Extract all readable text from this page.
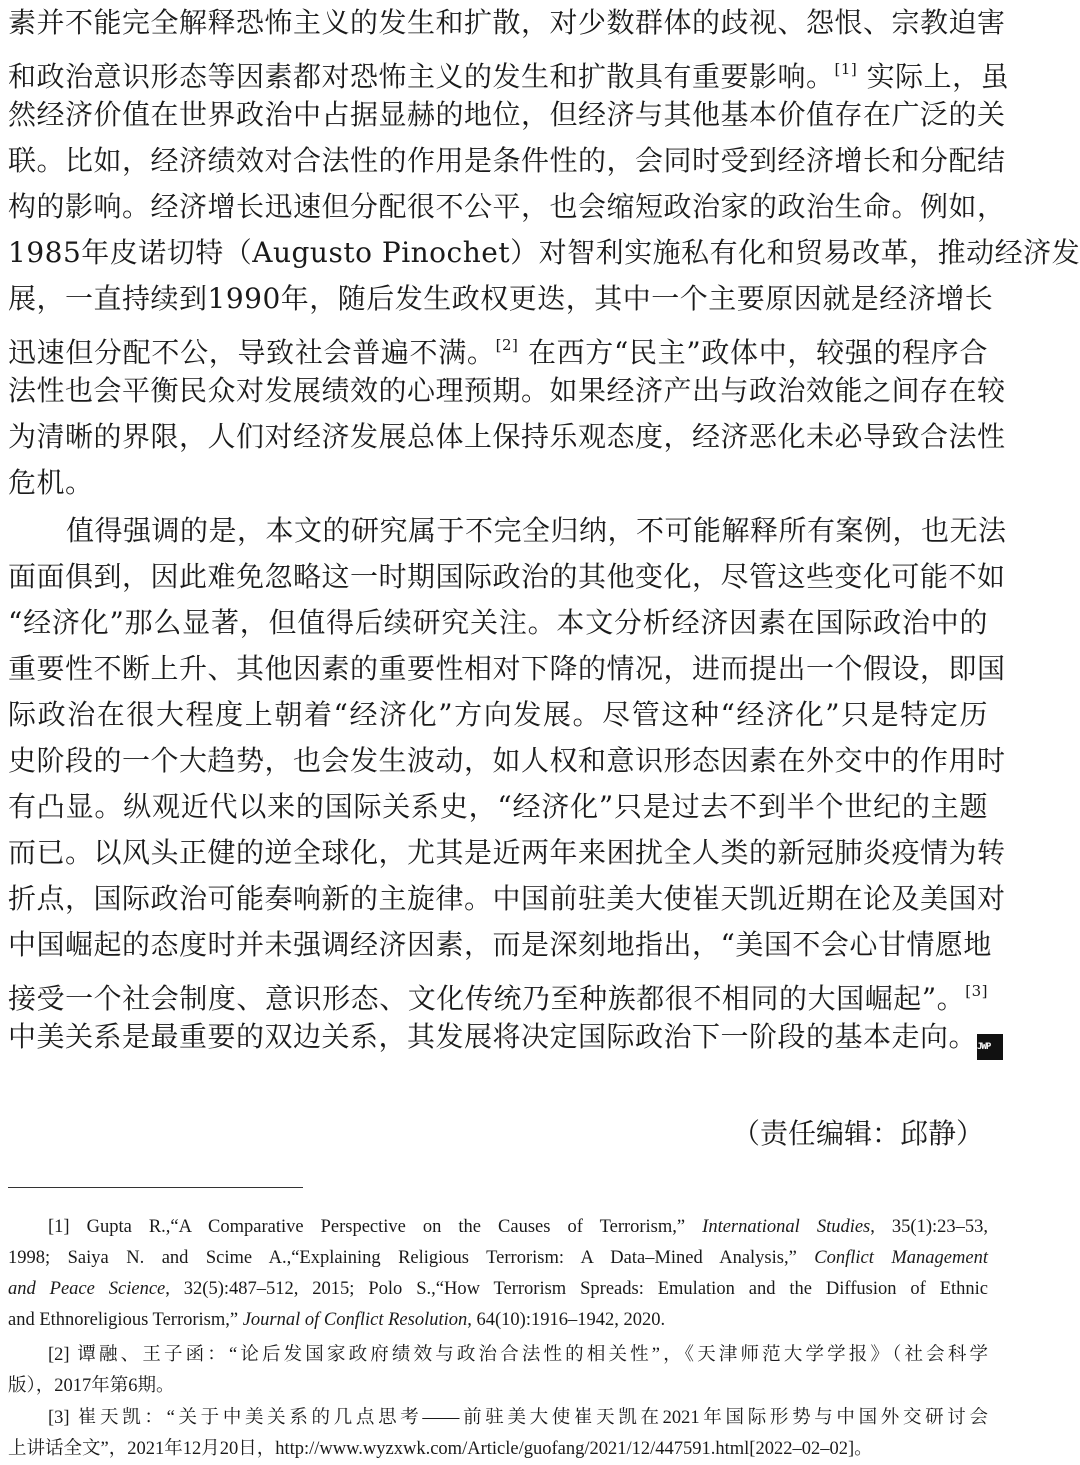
素并不能完全解释恐怖主义的发生和扩散，对少数群体的歧视、怨恨、宗教迫害
和政治意识形态等因素都对恐怖主义的发生和扩散具有重要影响。[1] 实际上，虽
然经济价值在世界政治中占据显赫的地位，但经济与其他基本价值存在广泛的关
联。比如，经济绩效对合法性的作用是条件性的，会同时受到经济增长和分配结
构的影响。经济增长迅速但分配很不公平，也会缩短政治家的政治生命。例如，
1985年皮诺切特（Augusto Pinochet）对智利实施私有化和贸易改革，推动经济发
展，一直持续到1990年，随后发生政权更迭，其中一个主要原因就是经济增长
迅速但分配不公，导致社会普遍不满。[2] 在西方“民主”政体中，较强的程序合
法性也会平衡民众对发展绩效的心理预期。如果经济产出与政治效能之间存在较
为清晰的界限，人们对经济发展总体上保持乐观态度，经济恶化未必导致合法性
危机。
值得强调的是，本文的研究属于不完全归纳，不可能解释所有案例，也无法
面面俱到，因此难免忽略这一时期国际政治的其他变化，尽管这些变化可能不如
“经济化”那么显著，但值得后续研究关注。本文分析经济因素在国际政治中的
重要性不断上升、其他因素的重要性相对下降的情况，进而提出一个假设，即国
际政治在很大程度上朝着“经济化”方向发展。尽管这种“经济化”只是特定历
史阶段的一个大趋势，也会发生波动，如人权和意识形态因素在外交中的作用时
有凸显。纵观近代以来的国际关系史，“经济化”只是过去不到半个世纪的主题
而已。以风头正健的逆全球化，尤其是近两年来困扰全人类的新冠肺炎疫情为转
折点，国际政治可能奏响新的主旋律。中国前驻美大使崔天凯近期在论及美国对
中国崛起的态度时并未强调经济因素，而是深刻地指出，“美国不会心甘情愿地
接受一个社会制度、意识形态、文化传统乃至种族都很不相同的大国崛起”。[3]
中美关系是最重要的双边关系，其发展将决定国际政治下一阶段的基本走向。JWP
（责任编辑：邱静）
[1] Gupta R.,“A Comparative Perspective on the Causes of Terrorism,” International Studies, 35(1):23–53,
1998; Saiya N. and Scime A.,“Explaining Religious Terrorism: A Data–Mined Analysis,” Conflict Management
and Peace Science, 32(5):487–512, 2015; Polo S.,“How Terrorism Spreads: Emulation and the Diffusion of Ethnic
and Ethnoreligious Terrorism,” Journal of Conflict Resolution, 64(10):1916–1942, 2020.
[2] 谭融、王子函：“论后发国家政府绩效与政治合法性的相关性”，《天津师范大学学报》（社会科学
版），2017年第6期。
[3] 崔天凯：“关于中美关系的几点思考——前驻美大使崔天凯在2021年国际形势与中国外交研讨会
上讲话全文”，2021年12月20日，http://www.wyzxwk.com/Article/guofang/2021/12/447591.html[2022–02–02]。
